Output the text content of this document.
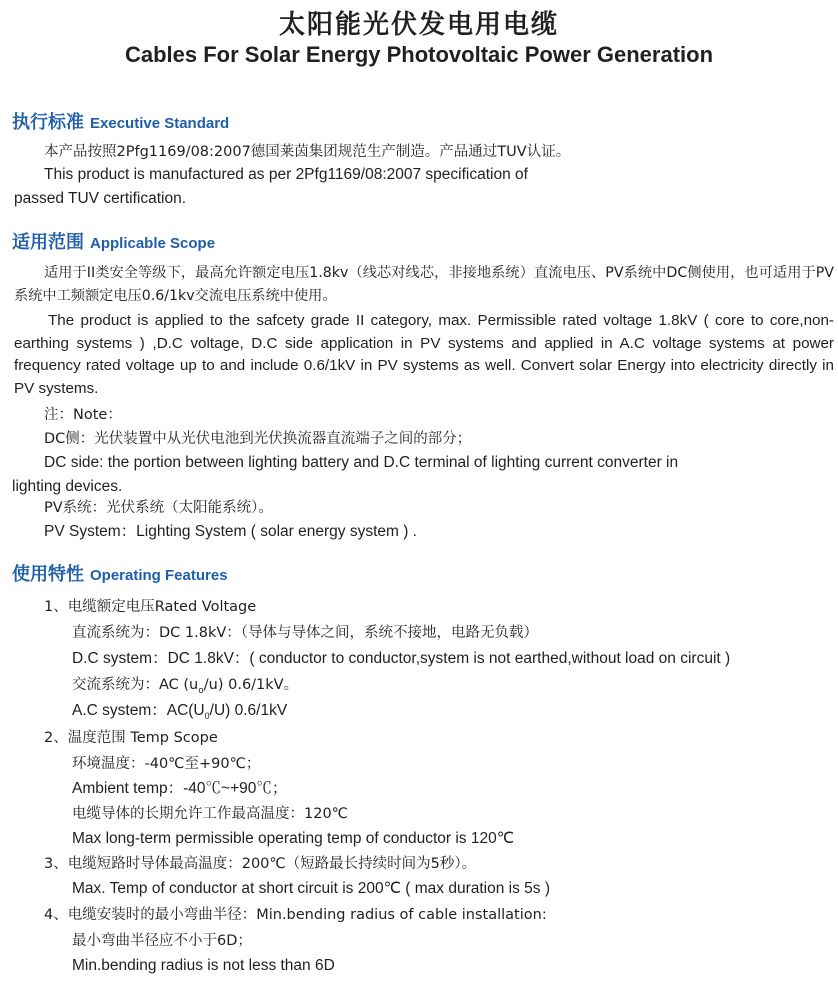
太阳能光伏发电用电缆
Cables For Solar Energy Photovoltaic Power Generation
执行标准 Executive Standard
本产品按照2Pfg1169/08:2007德国莱茵集团规范生产制造。产品通过TUV认证。
This product is manufactured as per 2Pfg1169/08:2007 specification of
passed TUV certification.
适用范围 Applicable Scope

适用于II类安全等级下，最高允许额定电压1.8kv（线芯对线芯，非接地系统）直流电压、PV系统中DC侧使用，也可适用于PV系统中工频额定电压0.6/1kv交流电压系统中使用。

The product is applied to the safcety grade II category, max. Permissible rated voltage 1.8kV ( core to core,non-earthing systems ) ,D.C voltage, D.C side application in PV systems and applied in A.C voltage systems at power frequency rated voltage up to and include 0.6/1kV in PV systems as well. Convert solar Energy into electricity directly in PV systems.

注：Note：
DC侧：光伏装置中从光伏电池到光伏换流器直流端子之间的部分；
DC side: the portion between lighting battery and D.C terminal of lighting current converter in
lighting devices.
PV系统：光伏系统（太阳能系统）。
PV System：Lighting System ( solar energy system ) .
使用特性 Operating Features
1、电缆额定电压Rated Voltage
直流系统为：DC 1.8kV：（导体与导体之间，系统不接地，电路无负载）
D.C system：DC 1.8kV：( conductor to conductor,system is not earthed,without load on circuit )
交流系统为：AC $(u_o/u)$ 0.6/1kV。
A.C system：$AC(U_0/U)$ 0.6/1kV
2、温度范围 Temp Scope
环境温度：-40℃至+90℃；
Ambient temp：-40℃~+90℃；
电缆导体的长期允许工作最高温度：120℃
Max long-term permissible operating temp of conductor is 120℃
3、电缆短路时导体最高温度：200℃（短路最长持续时间为5秒）。
Max. Temp of conductor at short circuit is 200℃ ( max duration is 5s )
4、电缆安装时的最小弯曲半径：Min.bending radius of cable installation:
最小弯曲半径应不小于6D；
Min.bending radius is not less than 6D
